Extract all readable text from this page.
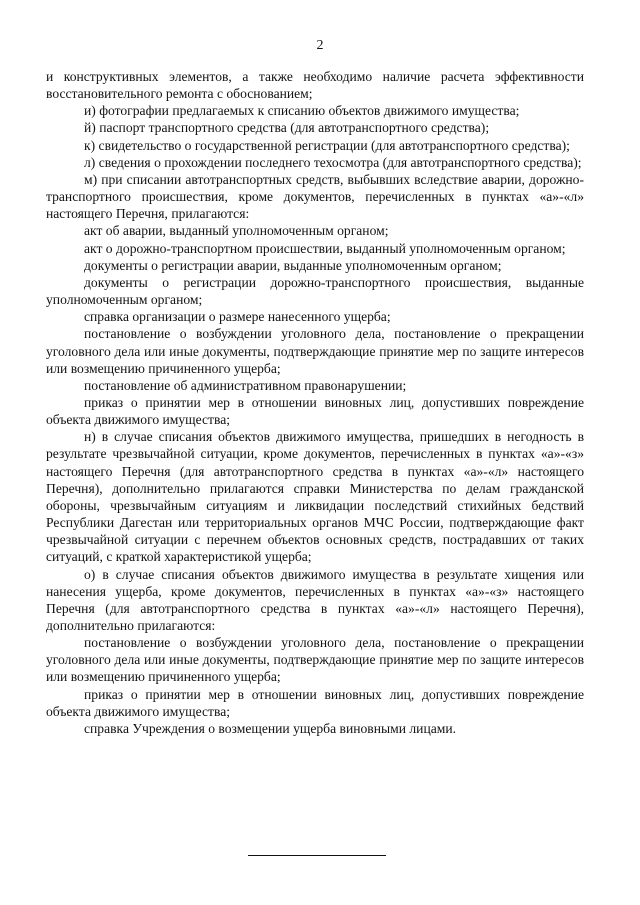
2

и конструктивных элементов, а также необходимо наличие расчета эффективности восстановительного ремонта с обоснованием;

и) фотографии предлагаемых к списанию объектов движимого имущества;

й) паспорт транспортного средства (для автотранспортного средства);

к) свидетельство о государственной регистрации (для автотранспортного средства);

л) сведения о прохождении последнего техосмотра (для автотранспортного средства);

м) при списании автотранспортных средств, выбывших вследствие аварии, дорожно-транспортного происшествия, кроме документов, перечисленных в пунктах «а»-«л» настоящего Перечня, прилагаются:

акт об аварии, выданный уполномоченным органом;

акт о дорожно-транспортном происшествии, выданный уполномоченным органом;

документы о регистрации аварии, выданные уполномоченным органом;

документы о регистрации дорожно-транспортного происшествия, выданные уполномоченным органом;

справка организации о размере нанесенного ущерба;

постановление о возбуждении уголовного дела, постановление о прекращении уголовного дела или иные документы, подтверждающие принятие мер по защите интересов или возмещению причиненного ущерба;

постановление об административном правонарушении;

приказ о принятии мер в отношении виновных лиц, допустивших повреждение объекта движимого имущества;

н) в случае списания объектов движимого имущества, пришедших в негодность в результате чрезвычайной ситуации, кроме документов, перечисленных в пунктах «а»-«з» настоящего Перечня (для автотранспортного средства в пунктах «а»-«л» настоящего Перечня), дополнительно прилагаются справки Министерства по делам гражданской обороны, чрезвычайным ситуациям и ликвидации последствий стихийных бедствий Республики Дагестан или территориальных органов МЧС России, подтверждающие факт чрезвычайной ситуации с перечнем объектов основных средств, пострадавших от таких ситуаций, с краткой характеристикой ущерба;

о) в случае списания объектов движимого имущества в результате хищения или нанесения ущерба, кроме документов, перечисленных в пунктах «а»-«з» настоящего Перечня (для автотранспортного средства в пунктах «а»-«л» настоящего Перечня), дополнительно прилагаются:

постановление о возбуждении уголовного дела, постановление о прекращении уголовного дела или иные документы, подтверждающие принятие мер по защите интересов или возмещению причиненного ущерба;

приказ о принятии мер в отношении виновных лиц, допустивших повреждение объекта движимого имущества;

справка Учреждения о возмещении ущерба виновными лицами.
